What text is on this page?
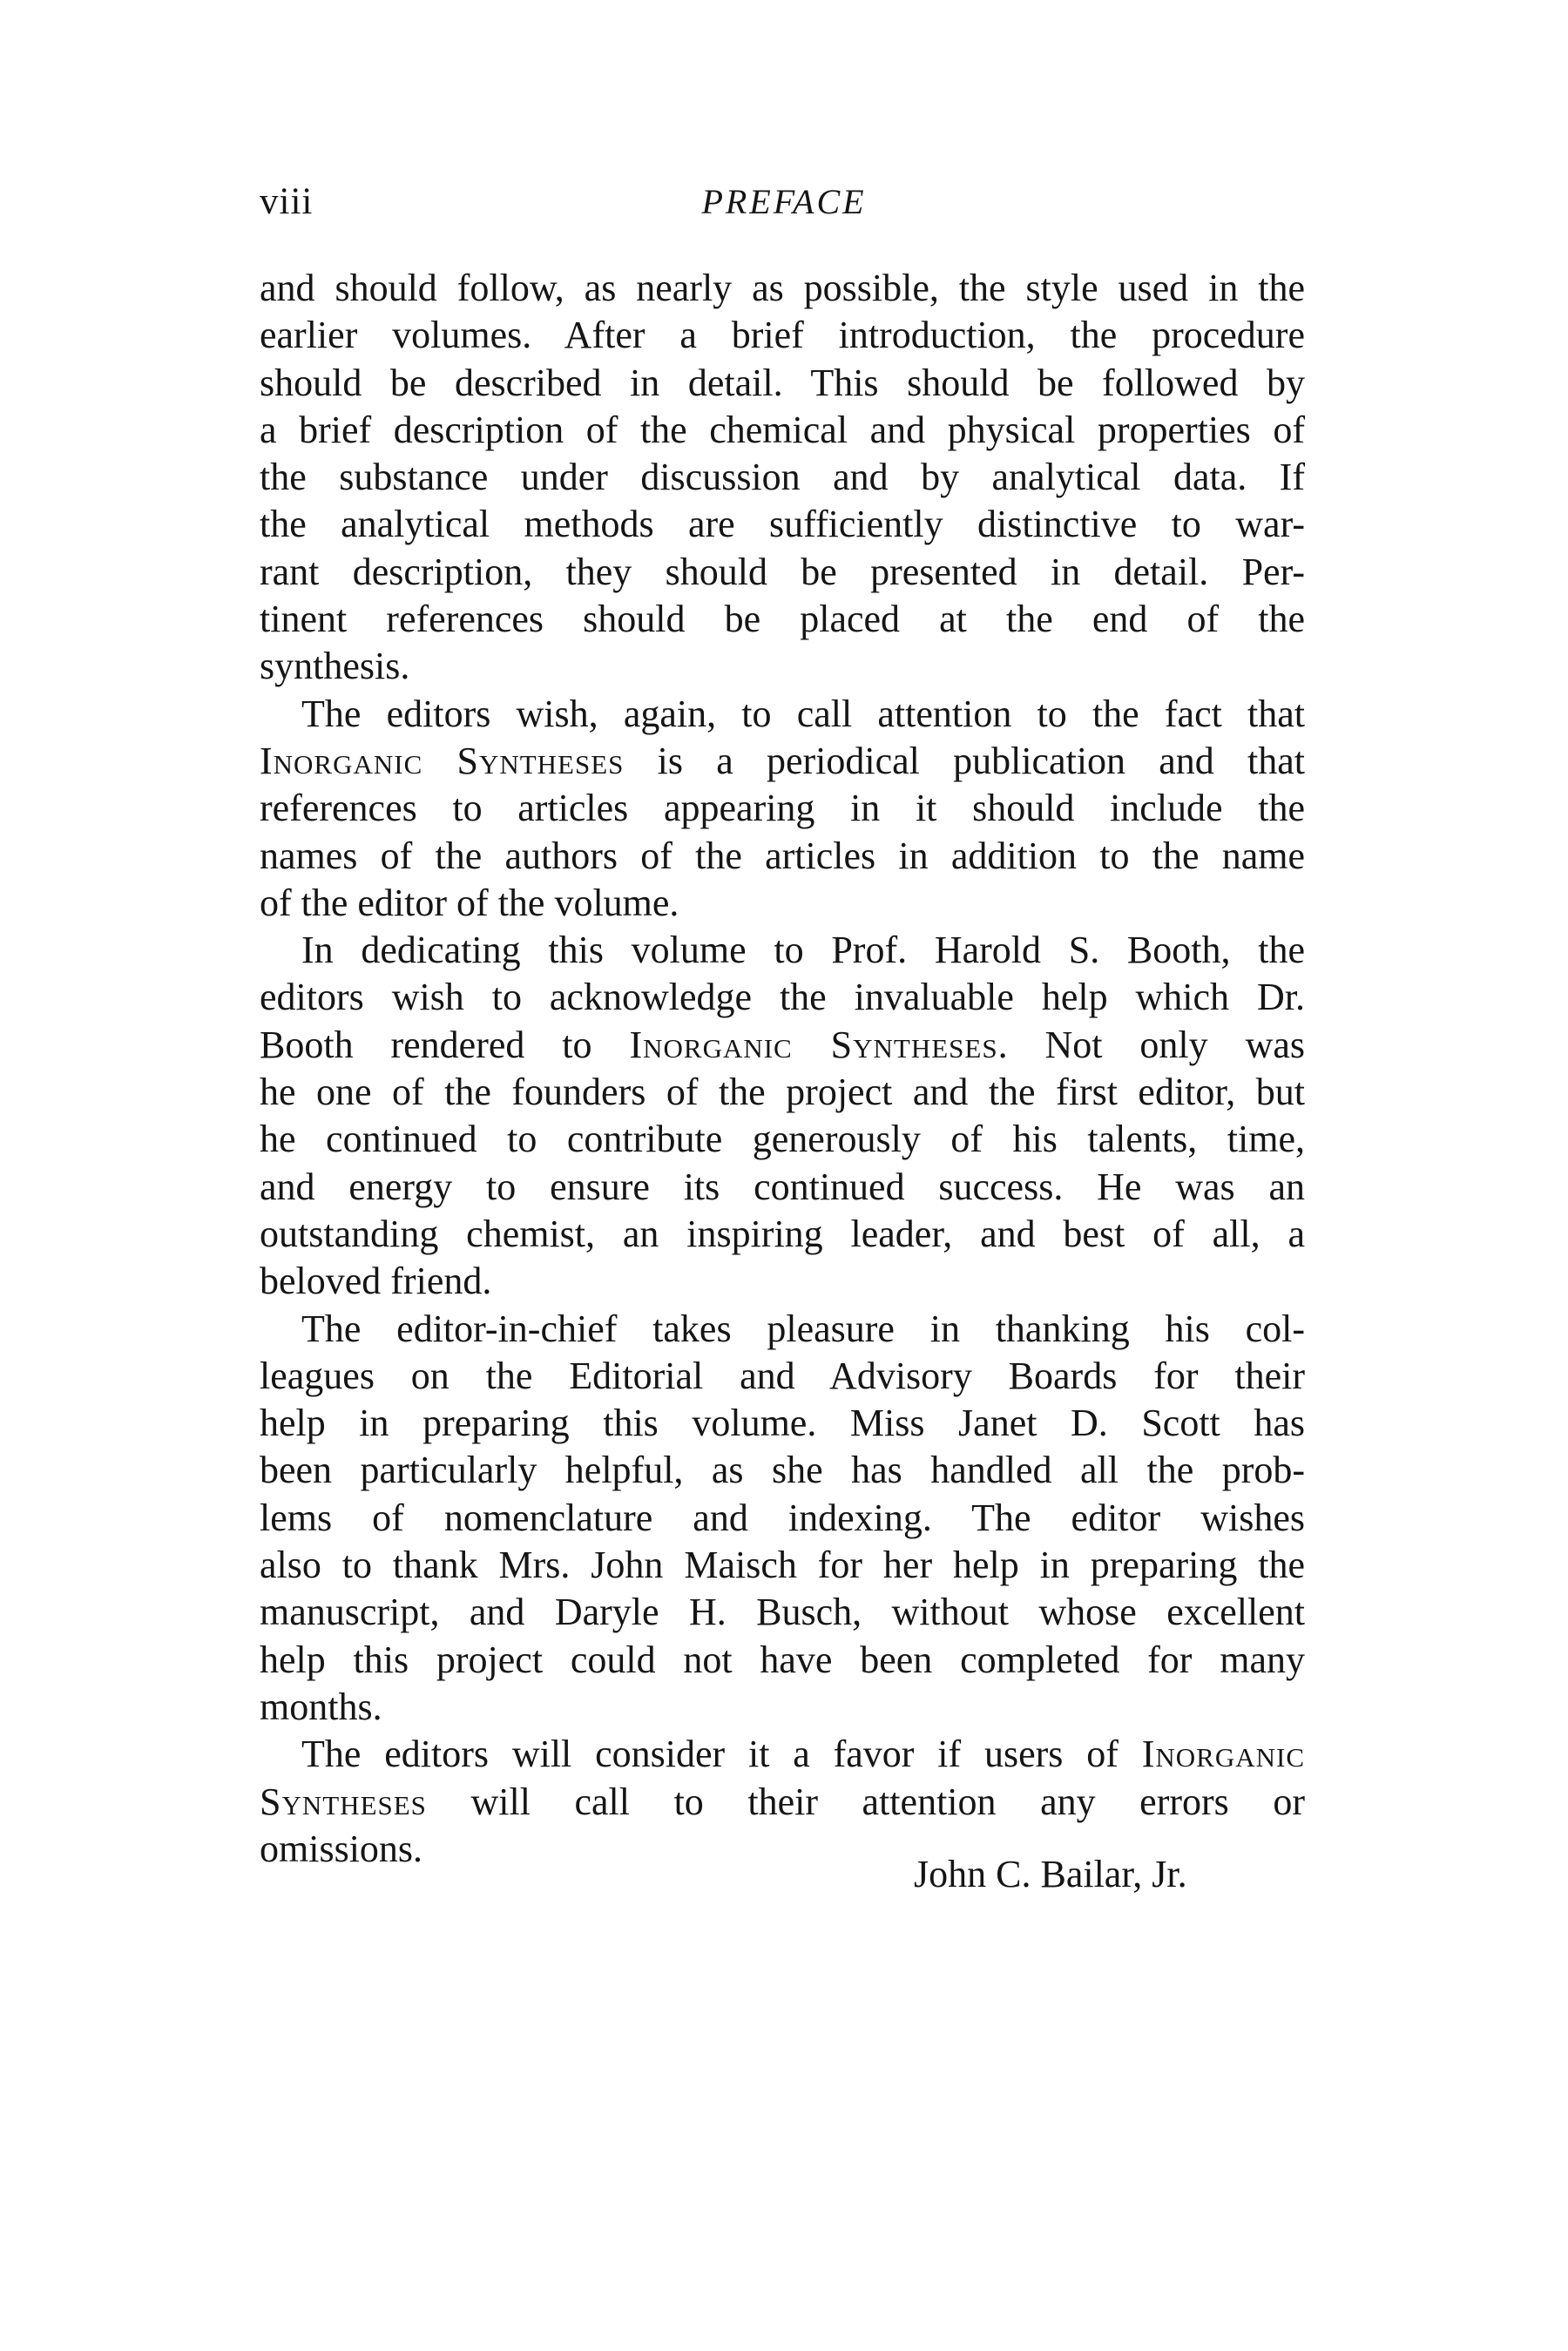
viii	PREFACE
and should follow, as nearly as possible, the style used in the
earlier volumes. After a brief introduction, the procedure
should be described in detail. This should be followed by
a brief description of the chemical and physical properties of
the substance under discussion and by analytical data. If
the analytical methods are sufficiently distinctive to war-
rant description, they should be presented in detail. Per-
tinent references should be placed at the end of the
synthesis.
The editors wish, again, to call attention to the fact that
Inorganic Syntheses is a periodical publication and that
references to articles appearing in it should include the
names of the authors of the articles in addition to the name
of the editor of the volume.
In dedicating this volume to Prof. Harold S. Booth, the
editors wish to acknowledge the invaluable help which Dr.
Booth rendered to Inorganic Syntheses. Not only was
he one of the founders of the project and the first editor, but
he continued to contribute generously of his talents, time,
and energy to ensure its continued success. He was an
outstanding chemist, an inspiring leader, and best of all, a
beloved friend.
The editor-in-chief takes pleasure in thanking his col-
leagues on the Editorial and Advisory Boards for their
help in preparing this volume. Miss Janet D. Scott has
been particularly helpful, as she has handled all the prob-
lems of nomenclature and indexing. The editor wishes
also to thank Mrs. John Maisch for her help in preparing the
manuscript, and Daryle H. Busch, without whose excellent
help this project could not have been completed for many
months.
The editors will consider it a favor if users of Inorganic
Syntheses will call to their attention any errors or
omissions.
John C. Bailar, Jr.
